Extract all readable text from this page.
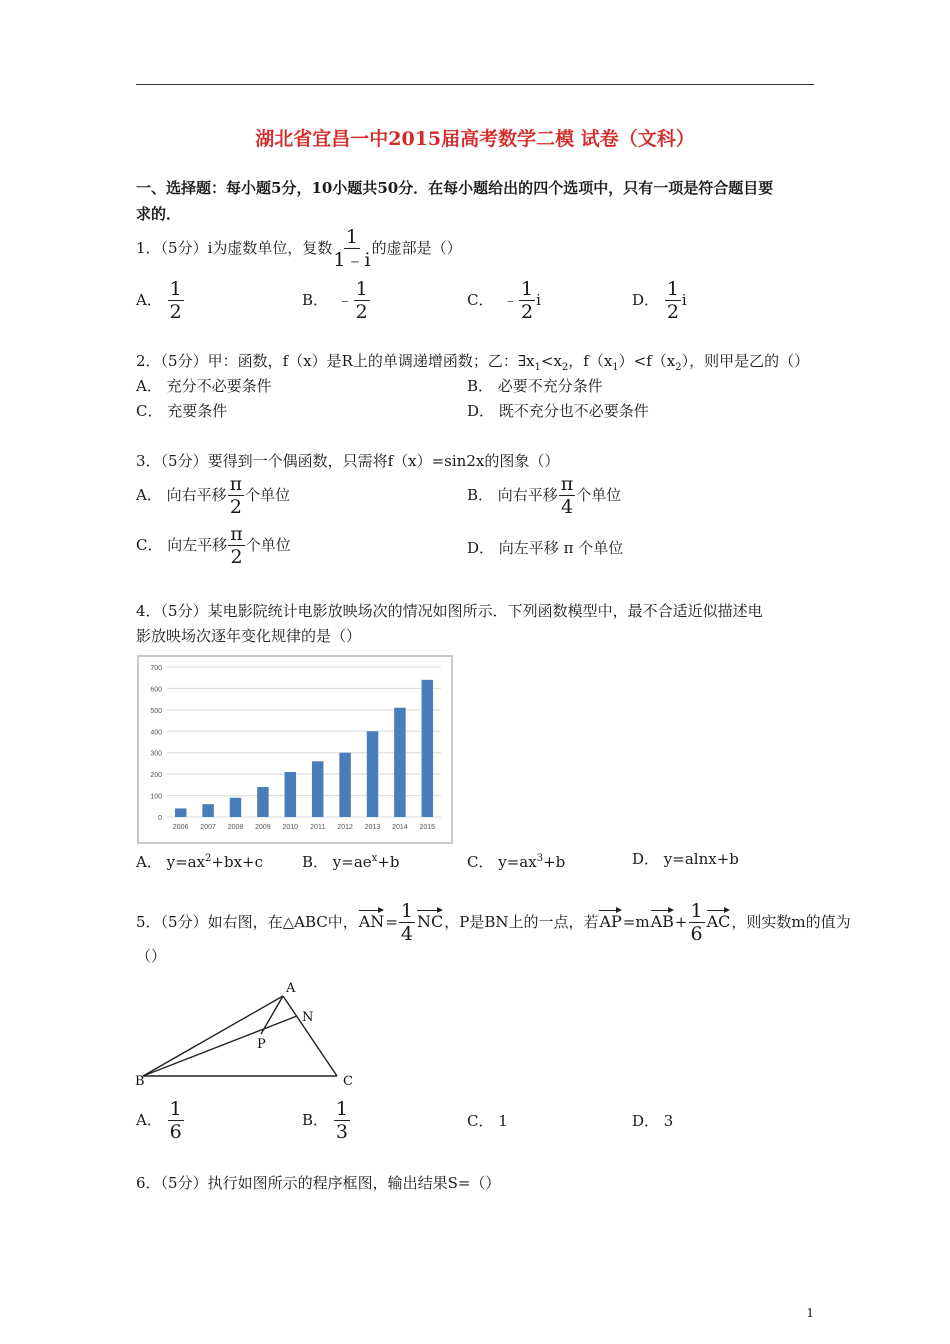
湖北省宜昌一中2015届高考数学二模 试卷（文科）
一、选择题：每小题5分，10小题共50分．在每小题给出的四个选项中，只有一项是符合题目要
求的．
1．（5分）i为虚数单位，复数 $\frac{1}{1﹣i}$ 的虚部是（）
A． $\frac{1}{2}$	B． ﹣ $\frac{1}{2}$	C． ﹣ $\frac{1}{2}$ i	D． $\frac{1}{2}$ i
2．（5分）甲：函数，f（x）是R上的单调递增函数；乙：$\exists x_1<x_2$，$f(x_1)<f(x_2)$，则甲是乙的（）
A． 充分不必要条件	B． 必要不充分条件
C． 充要条件	D． 既不充分也不必要条件
3．（5分）要得到一个偶函数，只需将f（x）=sin2x的图象（）
A． 向右平移 $\frac{\pi}{2}$ 个单位	B． 向右平移 $\frac{\pi}{4}$ 个单位
C． 向左平移 $\frac{\pi}{2}$ 个单位	D． 向左平移 π 个单位
4．（5分）某电影院统计电影放映场次的情况如图所示．下列函数模型中，最不合适近似描述电
影放映场次逐年变化规律的是（）
0
100
200
300
400
500
600
700
2006 2007 2008 2009 2010 2011 2012 2013 2014 2015
A． $y=ax^2+bx+c$	B． $y=ae^x+b$	C． $y=ax^3+b$	D． y=alnx+b
5．（5分）如右图，在△ABC中，$AN= \frac{1}{4}$ NC，P是BN上的一点，若$AP=mAB+ \frac{1}{6}$ AC，则实数m的值为
（）
A
N
P
B	C
A． $\frac{1}{6}$	B． $\frac{1}{3}$	C． 1	D． 3
6．（5分）执行如图所示的程序框图，输出结果S=（）
1
